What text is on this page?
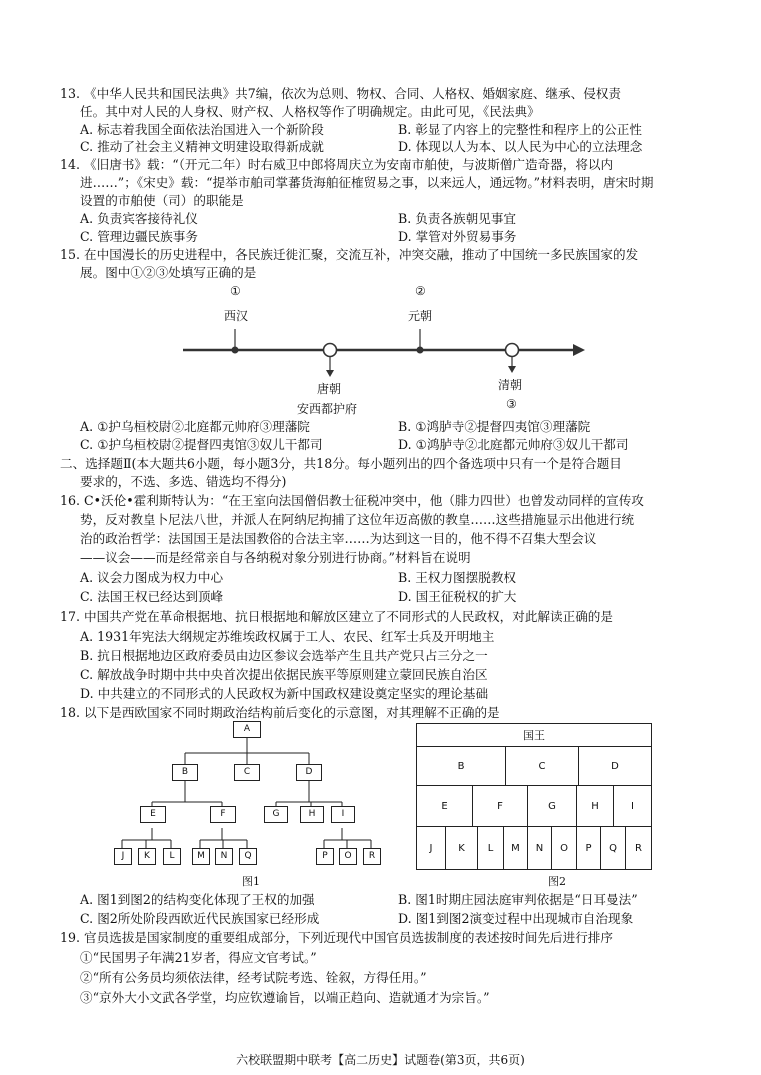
13. 《中华人民共和国民法典》共7编，依次为总则、物权、合同、人格权、婚姻家庭、继承、侵权责
任。其中对人民的人身权、财产权、人格权等作了明确规定。由此可见，《民法典》
A. 标志着我国全面依法治国进入一个新阶段	B. 彰显了内容上的完整性和程序上的公正性
C. 推动了社会主义精神文明建设取得新成就	D. 体现以人为本、以人民为中心的立法理念
14. 《旧唐书》载：“（开元二年）时右威卫中郎将周庆立为安南市舶使，与波斯僧广造奇器，将以内
进……”；《宋史》载：“提举市舶司掌蕃货海舶征榷贸易之事，以来远人，通远物。”材料表明，唐宋时期
设置的市舶使（司）的职能是
A. 负责宾客接待礼仪	B. 负责各族朝见事宜
C. 管理边疆民族事务	D. 掌管对外贸易事务
15. 在中国漫长的历史进程中，各民族迁徙汇聚，交流互补，冲突交融，推动了中国统一多民族国家的发
展。图中①②③处填写正确的是
①
西汉
②
元朝
唐朝
安西都护府
清朝
③
A. ①护乌桓校尉②北庭都元帅府③理藩院	B. ①鸿胪寺②提督四夷馆③理藩院
C. ①护乌桓校尉②提督四夷馆③奴儿干都司	D. ①鸿胪寺②北庭都元帅府③奴儿干都司
二、选择题Ⅱ(本大题共6小题，每小题3分，共18分。每小题列出的四个备选项中只有一个是符合题目
要求的，不选、多选、错选均不得分)
16. C•沃伦•霍利斯特认为：“在王室向法国僧侣教士征税冲突中，他（腓力四世）也曾发动同样的宣传攻
势，反对教皇卜尼法八世，并派人在阿纳尼拘捕了这位年迈高傲的教皇……这些措施显示出他进行统
治的政治哲学：法国国王是法国教俗的合法主宰……为达到这一目的，他不得不召集大型会议
——议会——而是经常亲自与各纳税对象分别进行协商。”材料旨在说明
A. 议会力图成为权力中心	B. 王权力图摆脱教权
C. 法国王权已经达到顶峰	D. 国王征税权的扩大
17. 中国共产党在革命根据地、抗日根据地和解放区建立了不同形式的人民政权，对此解读正确的是
A. 1931年宪法大纲规定苏维埃政权属于工人、农民、红军士兵及开明地主
B. 抗日根据地边区政府委员由边区参议会选举产生且共产党只占三分之一
C. 解放战争时期中共中央首次提出依据民族平等原则建立蒙回民族自治区
D. 中共建立的不同形式的人民政权为新中国政权建设奠定坚实的理论基础
18. 以下是西欧国家不同时期政治结构前后变化的示意图，对其理解不正确的是
A
B	C	D
E	F	G	H	I
J	K	L	M	N	Q	P	O	R
图1
国王
B	C	D
E	F	G	H	I
J	K	L	M	N	O	P	Q	R
图2
A. 图1到图2的结构变化体现了王权的加强	B. 图1时期庄园法庭审判依据是“日耳曼法”
C. 图2所处阶段西欧近代民族国家已经形成	D. 图1到图2演变过程中出现城市自治现象
19. 官员选拔是国家制度的重要组成部分，下列近现代中国官员选拔制度的表述按时间先后进行排序
①“民国男子年满21岁者，得应文官考试。”
②“所有公务员均须依法律，经考试院考选、铨叙，方得任用。”
③“京外大小文武各学堂，均应钦遵谕旨，以端正趋向、造就通才为宗旨。”
六校联盟期中联考【高二历史】试题卷(第3页，共6页)
